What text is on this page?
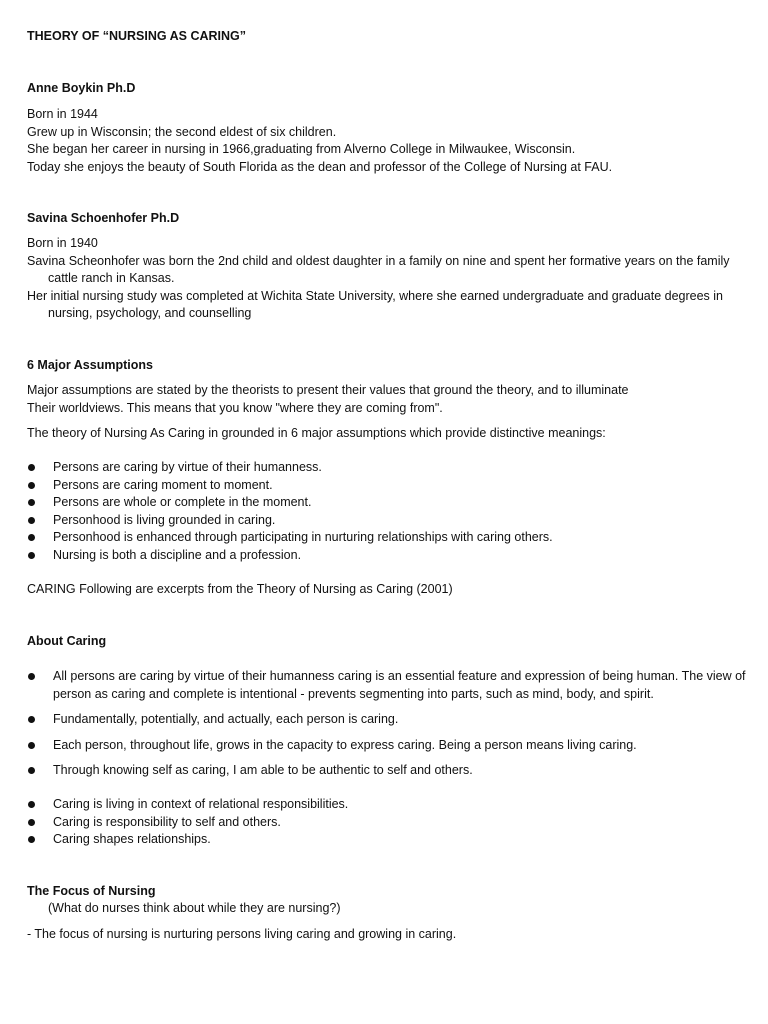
THEORY OF “NURSING AS CARING”
Anne Boykin Ph.D
Born in 1944
Grew up in Wisconsin; the second eldest of six children.
She began her career in nursing in 1966,graduating from Alverno College in Milwaukee, Wisconsin.
Today she enjoys the beauty of South Florida as the dean and professor of the College of Nursing at FAU.
Savina Schoenhofer Ph.D
Born in 1940
Savina Scheonhofer was born the 2nd child and oldest daughter in a family on nine and spent her formative years on the family cattle ranch in Kansas.
Her initial nursing study was completed at Wichita State University, where she earned undergraduate and graduate degrees in nursing, psychology, and counselling
6 Major Assumptions
Major assumptions are stated by the theorists to present their values that ground the theory, and to illuminate
Their worldviews. This means that you know "where they are coming from".
The theory of Nursing As Caring in grounded in 6 major assumptions which provide distinctive meanings:
Persons are caring by virtue of their humanness.
Persons are caring moment to moment.
Persons are whole or complete in the moment.
Personhood is living grounded in caring.
Personhood is enhanced through participating in nurturing relationships with caring others.
Nursing is both a discipline and a profession.
CARING Following are excerpts from the Theory of Nursing as Caring (2001)
About Caring
All persons are caring by virtue of their humanness caring is an essential feature and expression of being human. The view of person as caring and complete is intentional - prevents segmenting into parts, such as mind, body, and spirit.
Fundamentally, potentially, and actually, each person is caring.
Each person, throughout life, grows in the capacity to express caring. Being a person means living caring.
Through knowing self as caring, I am able to be authentic to self and others.
Caring is living in context of relational responsibilities.
Caring is responsibility to self and others.
Caring shapes relationships.
The Focus of Nursing
(What do nurses think about while they are nursing?)
- The focus of nursing is nurturing persons living caring and growing in caring.
